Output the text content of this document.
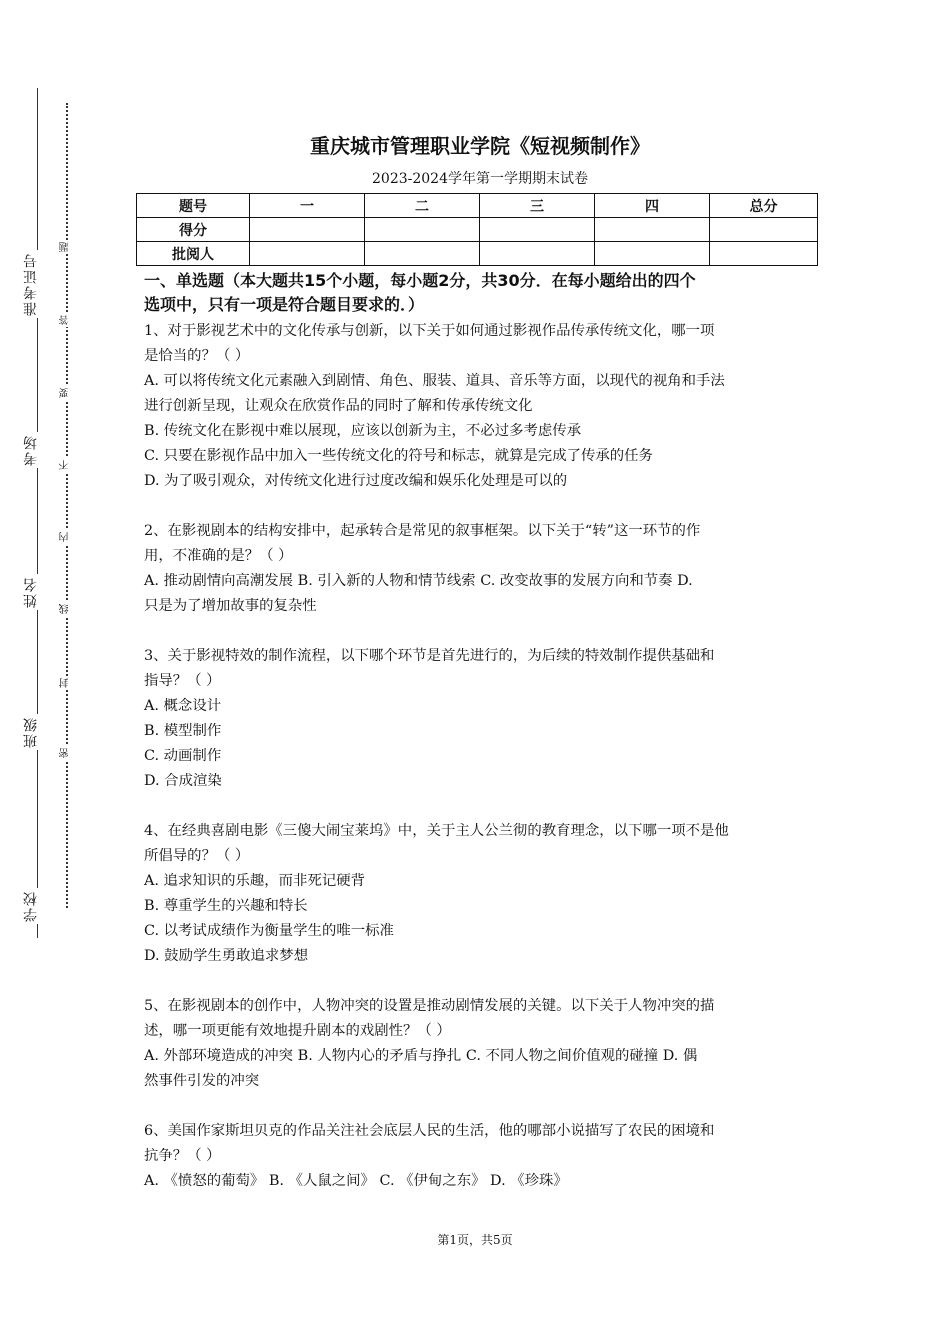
准考证号
考场
姓名
班级
学校
题
答
要
不
内
线
封
密
重庆城市管理职业学院《短视频制作》
2023-2024学年第一学期期末试卷
题号	一	二	三	四	总分
得分					
批阅人					
一、单选题（本大题共15个小题，每小题2分，共30分．在每小题给出的四个
选项中，只有一项是符合题目要求的．）

1、对于影视艺术中的文化传承与创新，以下关于如何通过影视作品传承传统文化，哪一项

是恰当的？（ ）

A. 可以将传统文化元素融入到剧情、角色、服装、道具、音乐等方面，以现代的视角和手法

进行创新呈现，让观众在欣赏作品的同时了解和传承传统文化

B. 传统文化在影视中难以展现，应该以创新为主，不必过多考虑传承

C. 只要在影视作品中加入一些传统文化的符号和标志，就算是完成了传承的任务

D. 为了吸引观众，对传统文化进行过度改编和娱乐化处理是可以的

2、在影视剧本的结构安排中，起承转合是常见的叙事框架。以下关于“转”这一环节的作

用，不准确的是？（ ）

A. 推动剧情向高潮发展 B. 引入新的人物和情节线索 C. 改变故事的发展方向和节奏 D.

只是为了增加故事的复杂性

3、关于影视特效的制作流程，以下哪个环节是首先进行的，为后续的特效制作提供基础和

指导？（ ）

A. 概念设计

B. 模型制作

C. 动画制作

D. 合成渲染

4、在经典喜剧电影《三傻大闹宝莱坞》中，关于主人公兰彻的教育理念，以下哪一项不是他

所倡导的？（ ）

A. 追求知识的乐趣，而非死记硬背

B. 尊重学生的兴趣和特长

C. 以考试成绩作为衡量学生的唯一标准

D. 鼓励学生勇敢追求梦想

5、在影视剧本的创作中，人物冲突的设置是推动剧情发展的关键。以下关于人物冲突的描

述，哪一项更能有效地提升剧本的戏剧性？（ ）

A. 外部环境造成的冲突 B. 人物内心的矛盾与挣扎 C. 不同人物之间价值观的碰撞 D. 偶

然事件引发的冲突

6、美国作家斯坦贝克的作品关注社会底层人民的生活，他的哪部小说描写了农民的困境和

抗争？（ ）

A. 《愤怒的葡萄》 B. 《人鼠之间》 C. 《伊甸之东》 D. 《珍珠》

第1页，共5页
